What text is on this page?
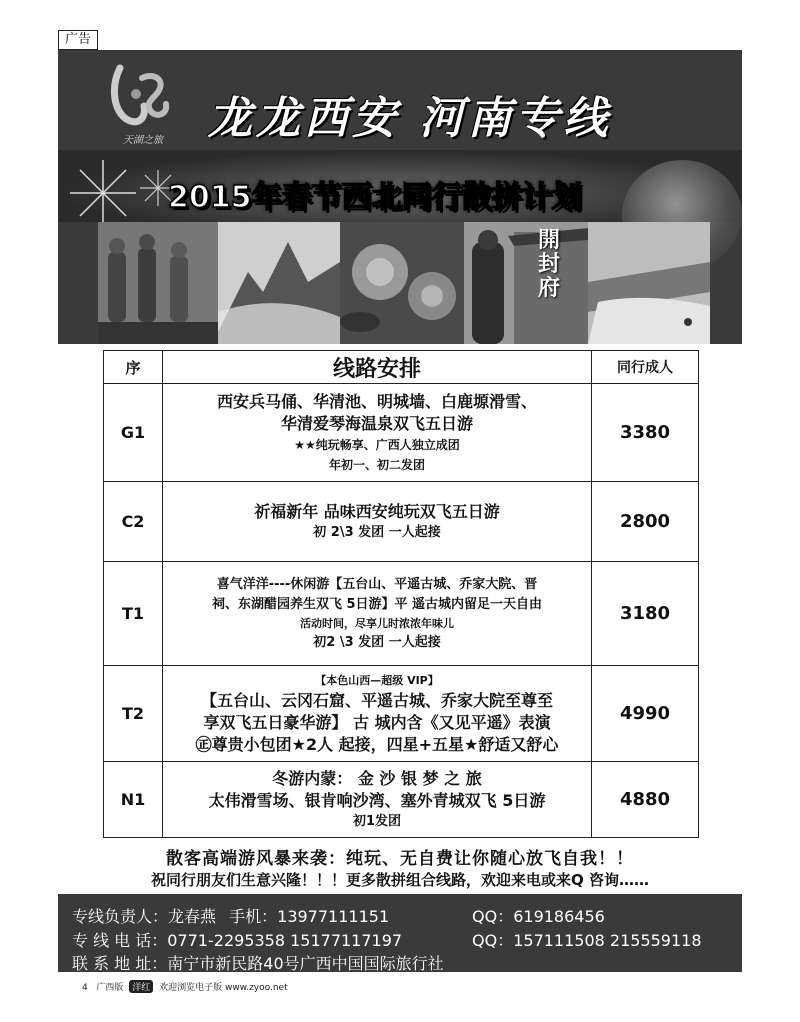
广告
天湖之旅	龙龙西安 河南专线
2015年春节西北同行散拼计划
開封府
序	线路安排	同行成人
G1	西安兵马俑、华清池、明城墙、白鹿塬滑雪、
华清爱琴海温泉双飞五日游
★★纯玩畅享、广西人独立成团
年初一、初二发团	3380
C2	祈福新年 品味西安纯玩双飞五日游
初 2\3 发团 一人起接	2800
T1	喜气洋洋----休闲游【五台山、平遥古城、乔家大院、晋
祠、东湖醋园养生双飞 5日游】平 遥古城内留足一天自由
活动时间，尽享儿时浓浓年味儿
初2 \3 发团 一人起接	3180
T2	【本色山西—超级 VIP】
【五台山、云冈石窟、平遥古城、乔家大院至尊至
享双飞五日豪华游】 古 城内含《又见平遥》表演
㊣尊贵小包团★2人 起接，四星+五星★舒适又舒心	4990
N1	冬游内蒙： 金 沙 银 梦 之 旅
太伟滑雪场、银肯响沙湾、塞外青城双飞 5日游
初1发团	4880
散客高端游风暴来袭：纯玩、无自费让你随心放飞自我！！
祝同行朋友们生意兴隆！！！更多散拼组合线路，欢迎来电或来Q 咨询……
专线负责人：龙春燕 手机：13977111151	QQ：619186456
专 线 电 话：0771-2295358 15177117197	QQ：157111508 215559118
联 系 地 址：南宁市新民路40号广西中国国际旅行社
4 广西版 洋红 欢迎浏览电子版 www.zyoo.net
